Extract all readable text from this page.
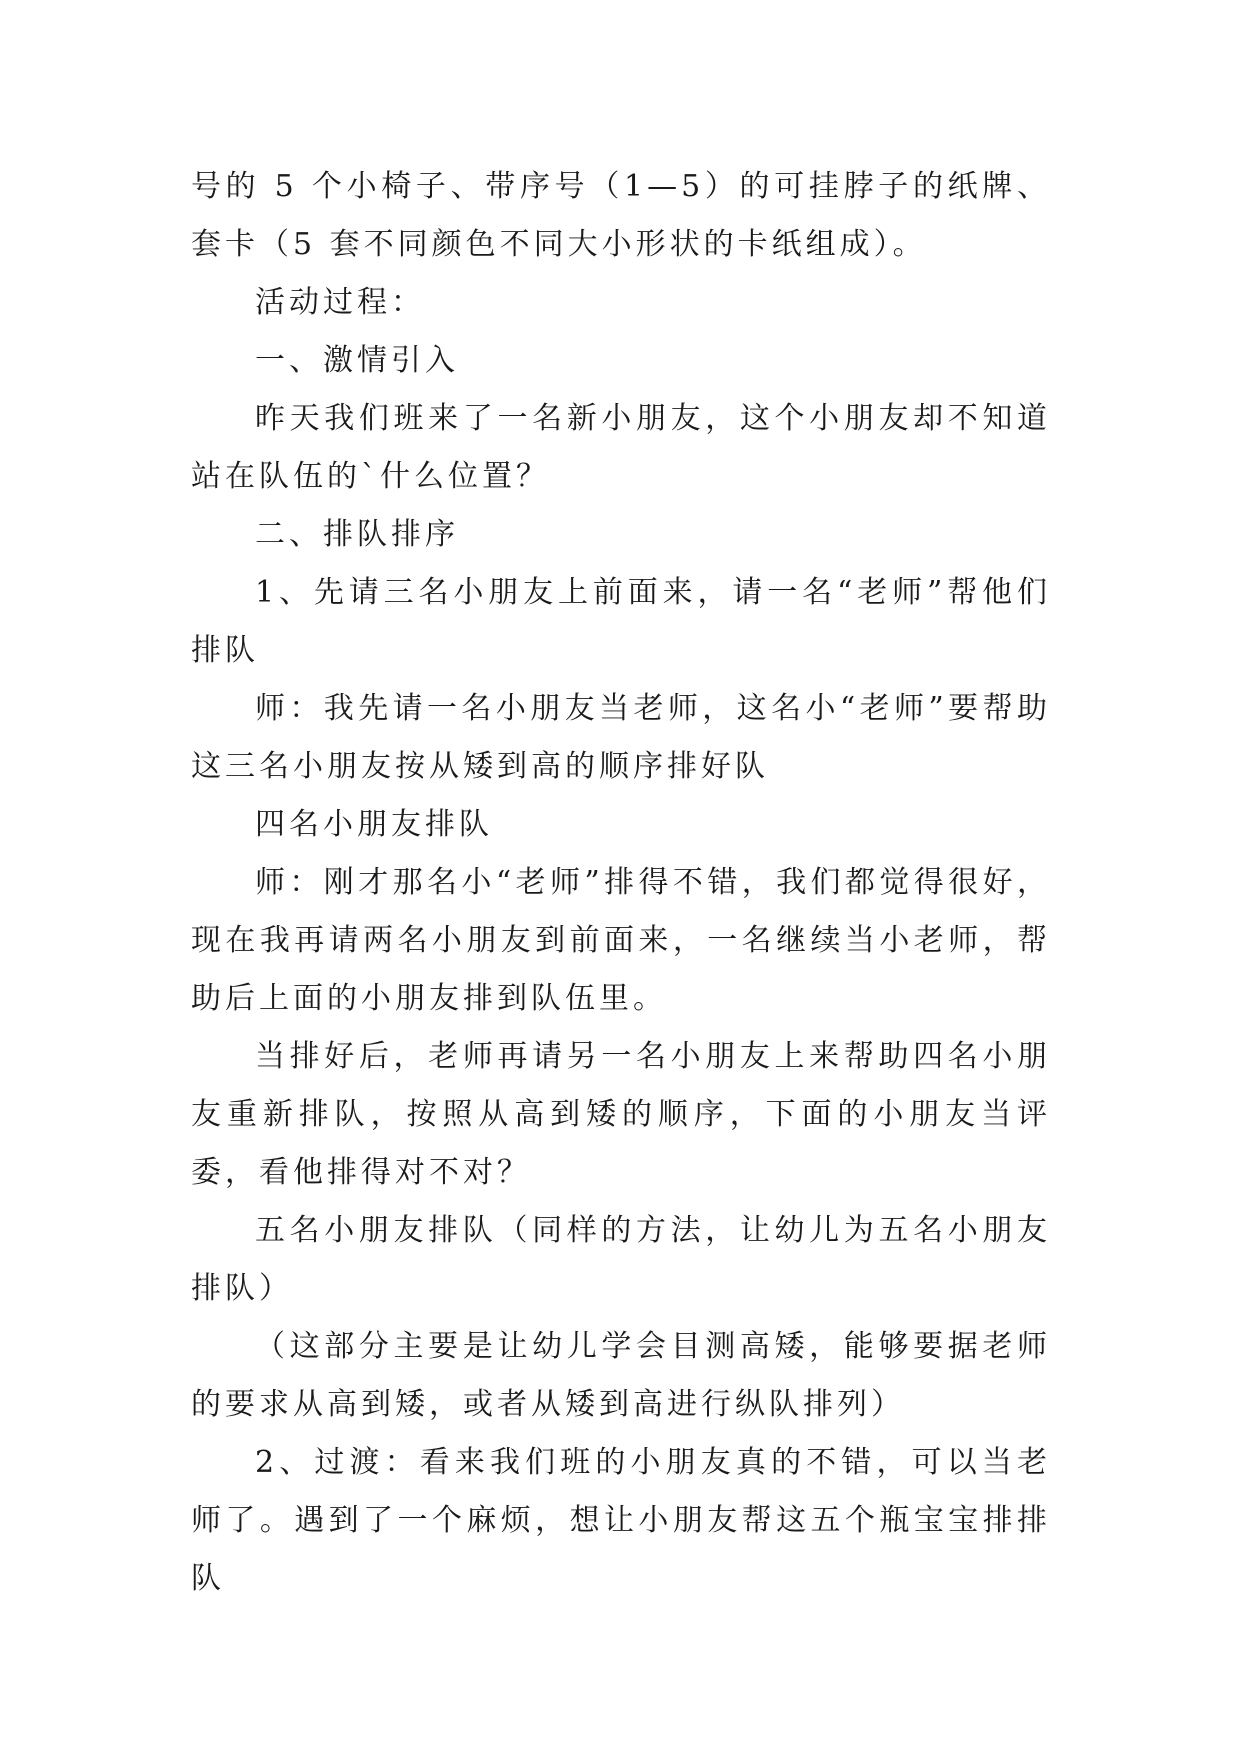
号的 5 个小椅子、带序号（1—5）的可挂脖子的纸牌、套卡（5 套不同颜色不同大小形状的卡纸组成）。

活动过程：

一、激情引入

昨天我们班来了一名新小朋友，这个小朋友却不知道站在队伍的`什么位置？

二、排队排序

1、先请三名小朋友上前面来，请一名“老师”帮他们排队

师：我先请一名小朋友当老师，这名小“老师”要帮助这三名小朋友按从矮到高的顺序排好队

四名小朋友排队

师：刚才那名小“老师”排得不错，我们都觉得很好，现在我再请两名小朋友到前面来，一名继续当小老师，帮助后上面的小朋友排到队伍里。

当排好后，老师再请另一名小朋友上来帮助四名小朋友重新排队，按照从高到矮的顺序，下面的小朋友当评委，看他排得对不对？

五名小朋友排队（同样的方法，让幼儿为五名小朋友排队）

（这部分主要是让幼儿学会目测高矮，能够要据老师的要求从高到矮，或者从矮到高进行纵队排列）

2、过渡：看来我们班的小朋友真的不错，可以当老师了。遇到了一个麻烦，想让小朋友帮这五个瓶宝宝排排队
